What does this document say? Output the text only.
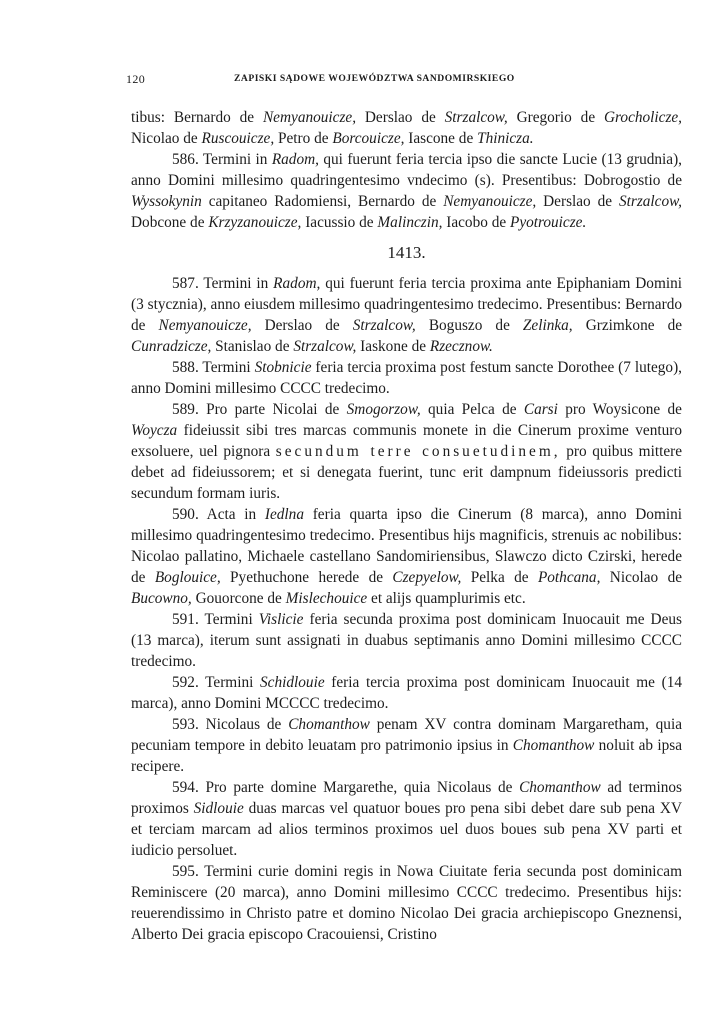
120	ZAPISKI SĄDOWE WOJEWÓDZTWA SANDOMIRSKIEGO

tibus: Bernardo de Nemyanouicze, Derslao de Strzalcow, Gregorio de Grocholicze, Nicolao de Ruscouicze, Petro de Borcouicze, Iascone de Thinicza.

586. Termini in Radom, qui fuerunt feria tercia ipso die sancte Lucie (13 grudnia), anno Domini millesimo quadringentesimo vndecimo (s). Presentibus: Dobrogostio de Wyssokynin capitaneo Radomiensi, Bernardo de Nemyanouicze, Derslao de Strzalcow, Dobcone de Krzyzanouicze, Iacussio de Malinczin, Iacobo de Pyotrouicze.

1413.

587. Termini in Radom, qui fuerunt feria tercia proxima ante Epiphaniam Domini (3 stycznia), anno eiusdem millesimo quadringentesimo tredecimo. Presentibus: Bernardo de Nemyanouicze, Derslao de Strzalcow, Boguszo de Zelinka, Grzimkone de Cunradzicze, Stanislao de Strzalcow, Iaskone de Rzecznow.

588. Termini Stobnicie feria tercia proxima post festum sancte Dorothee (7 lutego), anno Domini millesimo CCCC tredecimo.

589. Pro parte Nicolai de Smogorzow, quia Pelca de Carsi pro Woysicone de Woycza fideiussit sibi tres marcas communis monete in die Cinerum proxime venturo exsoluere, uel pignora secundum terre consuetudinem, pro quibus mittere debet ad fideiussorem; et si denegata fuerint, tunc erit dampnum fideiussoris predicti secundum formam iuris.

590. Acta in Iedlna feria quarta ipso die Cinerum (8 marca), anno Domini millesimo quadringentesimo tredecimo. Presentibus hijs magnificis, strenuis ac nobilibus: Nicolao pallatino, Michaele castellano Sandomiriensibus, Slawczo dicto Czirski, herede de Boglouice, Pyethuchone herede de Czepyelow, Pelka de Pothcana, Nicolao de Bucowno, Gouorcone de Mislechouice et alijs quamplurimis etc.

591. Termini Vislicie feria secunda proxima post dominicam Inuocauit me Deus (13 marca), iterum sunt assignati in duabus septimanis anno Domini millesimo CCCC tredecimo.

592. Termini Schidlouie feria tercia proxima post dominicam Inuocauit me (14 marca), anno Domini MCCCC tredecimo.

593. Nicolaus de Chomanthow penam XV contra dominam Margaretham, quia pecuniam tempore in debito leuatam pro patrimonio ipsius in Chomanthow noluit ab ipsa recipere.

594. Pro parte domine Margarethe, quia Nicolaus de Chomanthow ad terminos proximos Sidlouie duas marcas vel quatuor boues pro pena sibi debet dare sub pena XV et terciam marcam ad alios terminos proximos uel duos boues sub pena XV parti et iudicio persoluet.

595. Termini curie domini regis in Nowa Ciuitate feria secunda post dominicam Reminiscere (20 marca), anno Domini millesimo CCCC tredecimo. Presentibus hijs: reuerendissimo in Christo patre et domino Nicolao Dei gracia archiepiscopo Gneznensi, Alberto Dei gracia episcopo Cracouiensi, Cristino
